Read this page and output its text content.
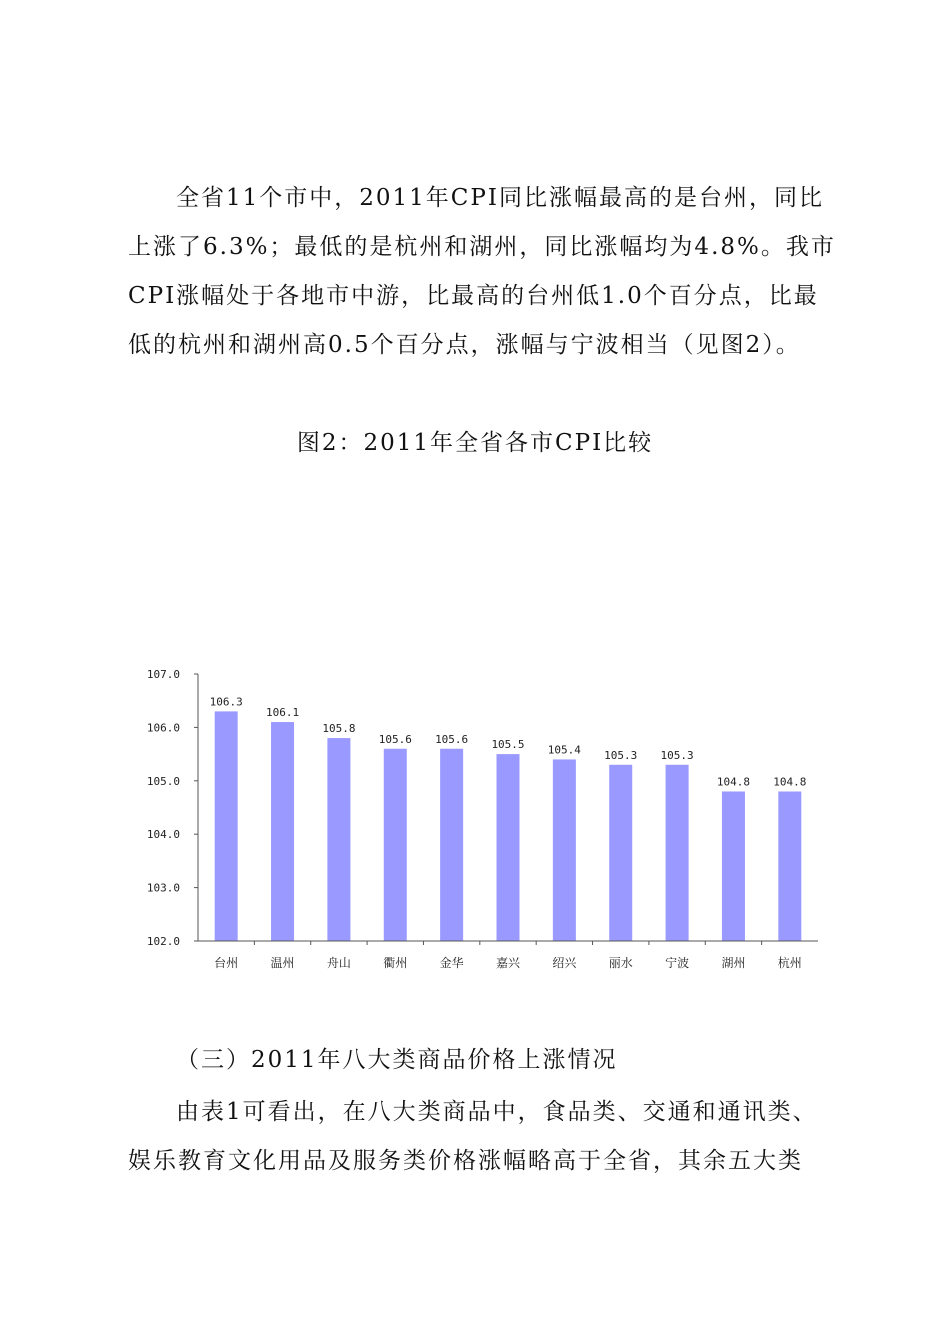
全省11个市中，2011年CPI同比涨幅最高的是台州，同比
上涨了6.3%；最低的是杭州和湖州，同比涨幅均为4.8%。我市
CPI涨幅处于各地市中游，比最高的台州低1.0个百分点，比最
低的杭州和湖州高0.5个百分点，涨幅与宁波相当（见图2）。

图2：2011年全省各市CPI比较
107.0
106.0
105.0
104.0
103.0
102.0
106.3
106.1
105.8
105.6 105.6 105.5 105.4 105.3 105.3
104.8 104.8
台州	温州	舟山	衢州	金华	嘉兴	绍兴	丽水	宁波	湖州	杭州
（三）2011年八大类商品价格上涨情况

由表1可看出，在八大类商品中，食品类、交通和通讯类、
娱乐教育文化用品及服务类价格涨幅略高于全省，其余五大类
